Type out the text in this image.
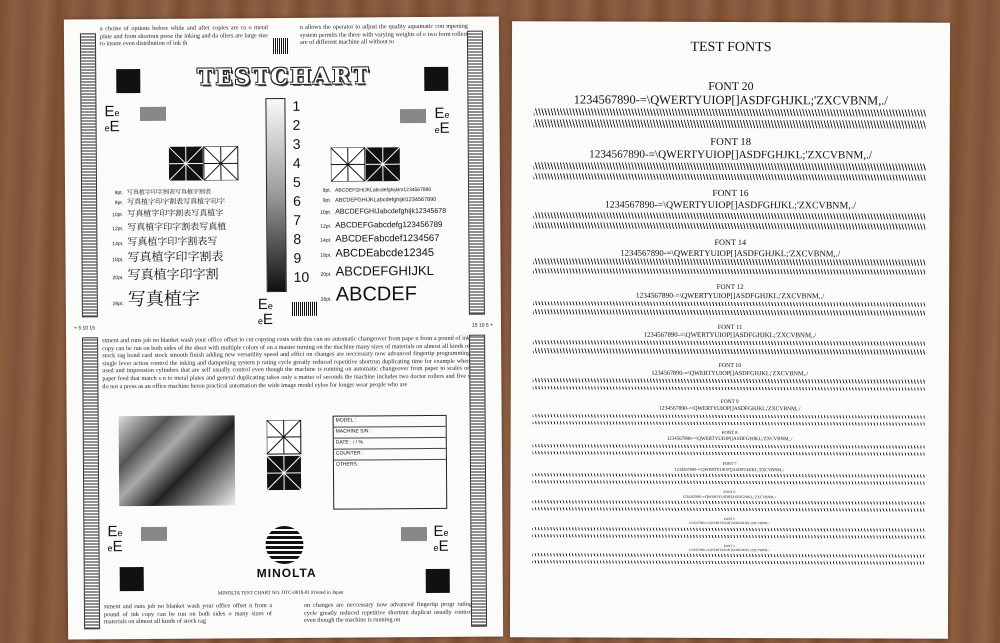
a choise of options before while and after copies are ra o metal plate and from shortrun prese the inking and da ollers are large size to insure even distribution of ink th
n allows the operator to adjust the quality aquamatic con mpening system permits the three with varying weights of e two form rollers are of different machine all without to
TESTCHART
Ee
eE
Ee
eE
1
2
3
4
5
6
7
8
9
10
8pt. 写真植字印字割表写真植字割表
9pt. 写真植字印字割表写真植字印字
10pt. 写真植字印字割表写真植字
12pt. 写真植字印字割表写真植
14pt. 写真植字印字割表写
18pt. 写真植字印字割表
20pt. 写真植字印字割
26pt. 写真植字
8pt. ABCDEFGHIJKLabcdefghijklm1234567890
9pt. ABCDEFGHIJKLabcdefghijkl1234567890
10pt. ABCDEFGHIJabcdefghijk12345678
12pt. ABCDEFGabcdefg123456789
14pt. ABCDEFabcdef1234567
18pt. ABCDEabcde12345
20pt. ABCDEFGHIJKL
26pt. ABCDEF
Ee
eE
+ 5 10 15	15 10 5 +
stment and runs job no blanket wash your office offset to cut copying costs with this can no automatic changeover from pape n from a pound of ink copy can be run on both sides of the sheet with multiple colors of on a master turning on the machine many sizes of materials on almost all kinds of stock rag bond card stock smooth finish adding new versatility speed and effici on changes are neccessary now advanced fingertip programming single lever action control the inking and dampening system p rating cycle greatly reduced repetitive shortrun duplicating time for example when used and impression cylinders that are self usually control even though the machine is running on automatic changeover from paper to scales on paper feed that match s n to metal plates and general duplicating takes only a matter of seconds the machine includes two doctor rollers and five s do not a press as an office machine heron practical automation the wide image model eyloe for longer wear people who are
MODEL :
MACHINE S/N :
DATE : / / %
COUNTER :
OTHERS :
Ee
eE
Ee
eE
MINOLTA
MINOLTA TEST CHART NO. OTC-0010-01 Printed in Japan
stment and runs job no blanket wash your office offset n from a pound of ink copy can be run on both sides o many sizes of materials on almost all kinds of stock rag
on changes are neccessary now advanced fingertip progr rating cycle greatly reduced repetitive shortrun duplicat usually control even though the machine is running on
TEST FONTS
FONT 20
1234567890-=\QWERTYUIOP[]ASDFGHJKL;'ZXCVBNM,./
FONT 18
1234567890-=\QWERTYUIOP[]ASDFGHJKL;'ZXCVBNM,./
FONT 16
1234567890-=\QWERTYUIOP[]ASDFGHJKL;'ZXCVBNM,./
FONT 14
1234567890-=\QWERTYUIOP[]ASDFGHJKL;'ZXCVBNM,./
FONT 12
1234567890-=\QWERTYUIOP[]ASDFGHJKL;'ZXCVBNM,./
FONT 11
1234567890-=\QWERTYUIOP[]ASDFGHJKL;'ZXCVBNM,./
FONT 10
1234567890-=\QWERTYUIOP[]ASDFGHJKL;'ZXCVBNM,./
FONT 9
1234567890-=\QWERTYUIOP[]ASDFGHJKL;'ZXCVBNM,./
FONT 8
1234567890-=\QWERTYUIOP[]ASDFGHJKL;'ZXCVBNM,./
FONT 7
1234567890-=\QWERTYUIOP[]ASDFGHJKL;'ZXCVBNM,./
FONT 6
1234567890-=\QWERTYUIOP[]ASDFGHJKL;'ZXCVBNM,./
FONT 5
1234567890-=\QWERTYUIOP[]ASDFGHJKL;'ZXCVBNM,./
FONT 4
1234567890-=\QWERTYUIOP[]ASDFGHJKL;'ZXCVBNM,./
